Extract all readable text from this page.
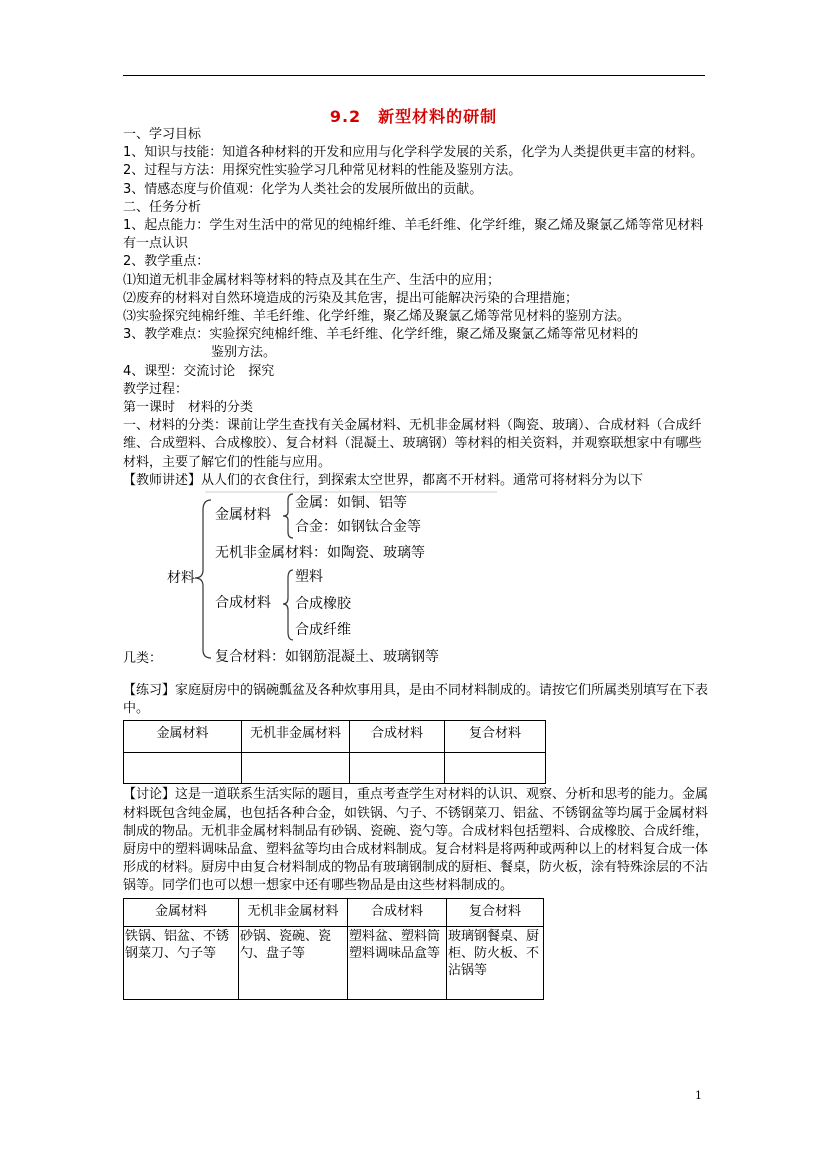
9.2　新型材料的研制

一、学习目标

1、知识与技能：知道各种材料的开发和应用与化学科学发展的关系，化学为人类提供更丰富的材料。

2、过程与方法：用探究性实验学习几种常见材料的性能及鉴别方法。

3、情感态度与价值观：化学为人类社会的发展所做出的贡献。

二、任务分析

1、起点能力：学生对生活中的常见的纯棉纤维、羊毛纤维、化学纤维，聚乙烯及聚氯乙烯等常见材料有一点认识

2、教学重点：

⑴知道无机非金属材料等材料的特点及其在生产、生活中的应用；

⑵废弃的材料对自然环境造成的污染及其危害，提出可能解决污染的合理措施；

⑶实验探究纯棉纤维、羊毛纤维、化学纤维，聚乙烯及聚氯乙烯等常见材料的鉴别方法。

3、教学难点：实验探究纯棉纤维、羊毛纤维、化学纤维，聚乙烯及聚氯乙烯等常见材料的

鉴别方法。

4、课型：交流讨论　探究

教学过程：

第一课时　材料的分类

一、材料的分类：课前让学生查找有关金属材料、无机非金属材料（陶瓷、玻璃）、合成材料（合成纤维、合成塑料、合成橡胶）、复合材料（混凝土、玻璃钢）等材料的相关资料，并观察联想家中有哪些材料，主要了解它们的性能与应用。

【教师讲述】从人们的衣食住行，到探索太空世界，都离不开材料。通常可将材料分为以下

材料
金属材料
金属：如铜、铝等
合金：如钢钛合金等
无机非金属材料：如陶瓷、玻璃等
合成材料
塑料
合成橡胶
合成纤维
复合材料：如钢筋混凝土、玻璃钢等
几类：

【练习】家庭厨房中的锅碗瓢盆及各种炊事用具，是由不同材料制成的。请按它们所属类别填写在下表中。

金属材料	无机非金属材料	合成材料	复合材料

【讨论】这是一道联系生活实际的题目，重点考查学生对材料的认识、观察、分析和思考的能力。金属材料既包含纯金属，也包括各种合金，如铁锅、勺子、不锈钢菜刀、铝盆、不锈钢盆等均属于金属材料制成的物品。无机非金属材料制品有砂锅、瓷碗、瓷勺等。合成材料包括塑料、合成橡胶、合成纤维，厨房中的塑料调味品盒、塑料盆等均由合成材料制成。复合材料是将两种或两种以上的材料复合成一体形成的材料。厨房中由复合材料制成的物品有玻璃钢制成的厨柜、餐桌，防火板，涂有特殊涂层的不沾锅等。同学们也可以想一想家中还有哪些物品是由这些材料制成的。

金属材料	无机非金属材料	合成材料	复合材料
铁锅、铝盆、不锈钢菜刀、勺子等	砂锅、瓷碗、瓷勺、盘子等	塑料盆、塑料筒塑料调味品盒等	玻璃钢餐桌、厨柜、防火板、不沾锅等
1
